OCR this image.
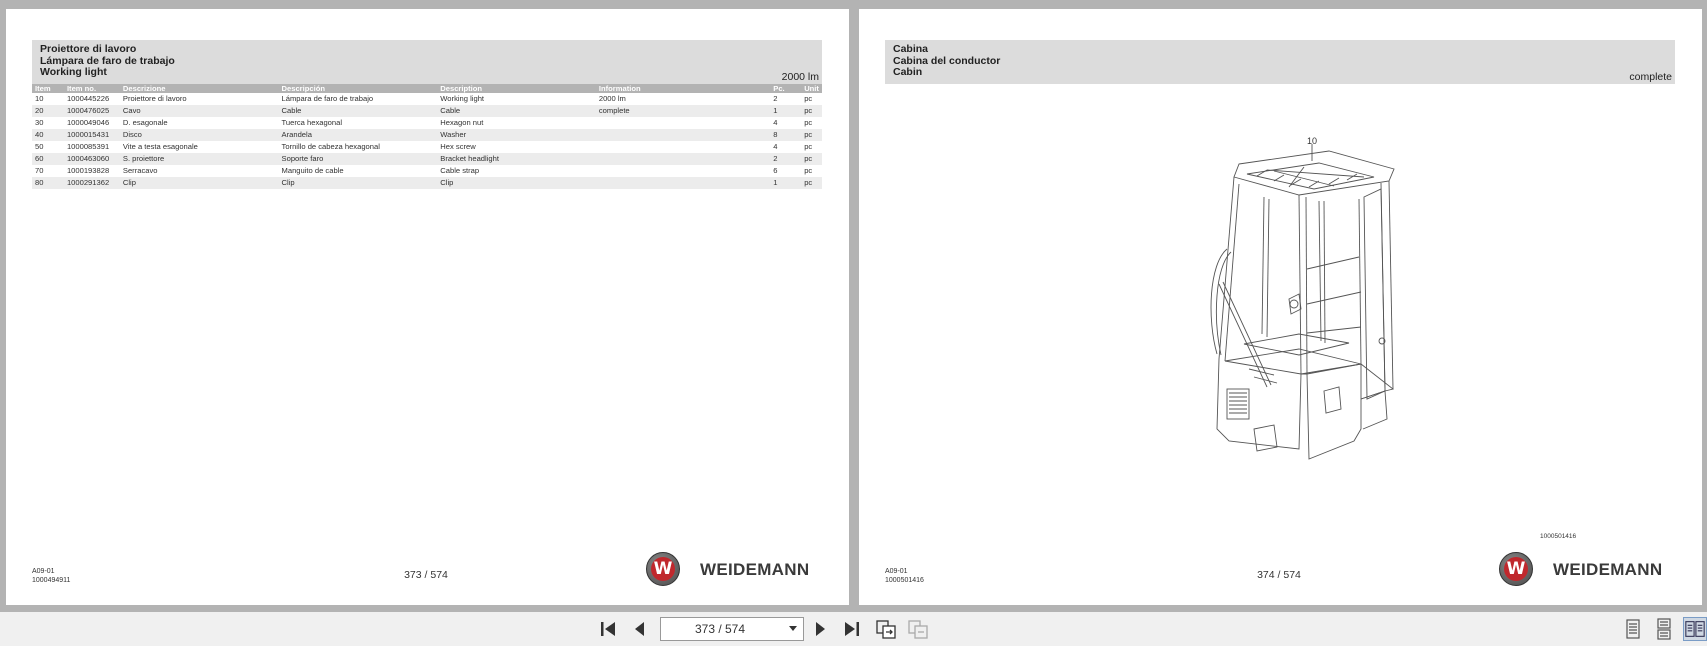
Proiettore di lavoro
Lámpara de faro de trabajo
Working light	2000 lm
Item	Item no.	Descrizione	Descripción	Description	Information	Pc.	Unit
10	1000445226	Proiettore di lavoro	Lámpara de faro de trabajo	Working light	2000 lm	2	pc
20	1000476025	Cavo	Cable	Cable	complete	1	pc
30	1000049046	D. esagonale	Tuerca hexagonal	Hexagon nut		4	pc
40	1000015431	Disco	Arandela	Washer		8	pc
50	1000085391	Vite a testa esagonale	Tornillo de cabeza hexagonal	Hex screw		4	pc
60	1000463060	S. proiettore	Soporte faro	Bracket headlight		2	pc
70	1000193828	Serracavo	Manguito de cable	Cable strap		6	pc
80	1000291362	Clip	Clip	Clip		1	pc
A09-01
1000494911	373 / 574	W WEIDEMANN
Cabina
Cabina del conductor
Cabin	complete
10
1000501416
A09-01
1000501416	374 / 574	W WEIDEMANN
373 / 574
